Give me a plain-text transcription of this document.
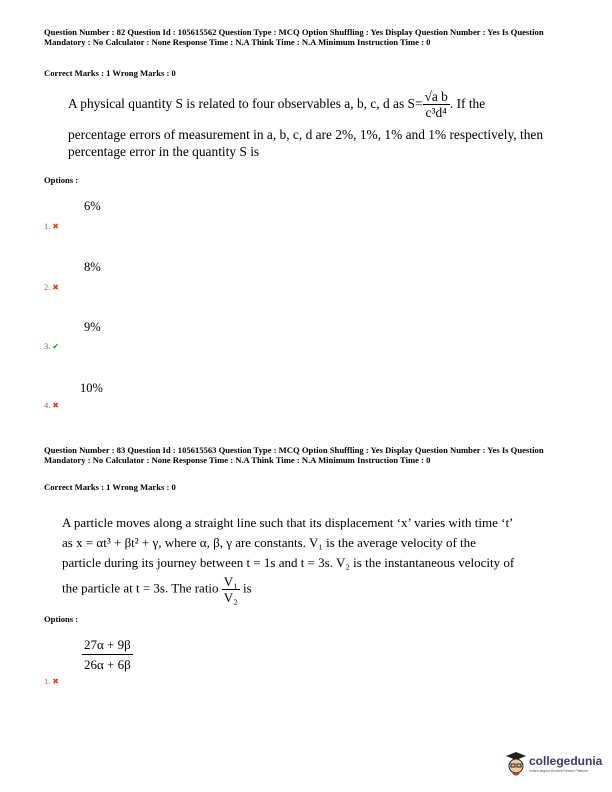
Question Number : 82 Question Id : 105615562 Question Type : MCQ Option Shuffling : Yes Display Question Number : Yes Is Question Mandatory : No Calculator : None Response Time : N.A Think Time : N.A Minimum Instruction Time : 0
Correct Marks : 1 Wrong Marks : 0
A physical quantity S is related to four observables a, b, c, d as $S= \frac{\text{√a b}}{\text{c³d⁴}}$ . If the
percentage errors of measurement in a, b, c, d are 2%, 1%, 1% and 1% respectively, then percentage error in the quantity S is
Options :
6%
1. ✖
8%
2. ✖
9%
3. ✔
10%
4. ✖
Question Number : 83 Question Id : 105615563 Question Type : MCQ Option Shuffling : Yes Display Question Number : Yes Is Question Mandatory : No Calculator : None Response Time : N.A Think Time : N.A Minimum Instruction Time : 0
Correct Marks : 1 Wrong Marks : 0
A particle moves along a straight line such that its displacement ‘x’ varies with time ‘t’
as x = αt³ + βt² + γ, where α, β, γ are constants. V₁ is the average velocity of the
particle during its journey between t = 1s and t = 3s. V₂ is the instantaneous velocity of
the particle at t = 3s. The ratio $\frac{\text{V₁}}{\text{V₂}}$ is
Options :
$\frac{27\alpha + 9\beta}{26\alpha + 6\beta}$
1. ✖
collegedunia
India's largest Student Review Platform
